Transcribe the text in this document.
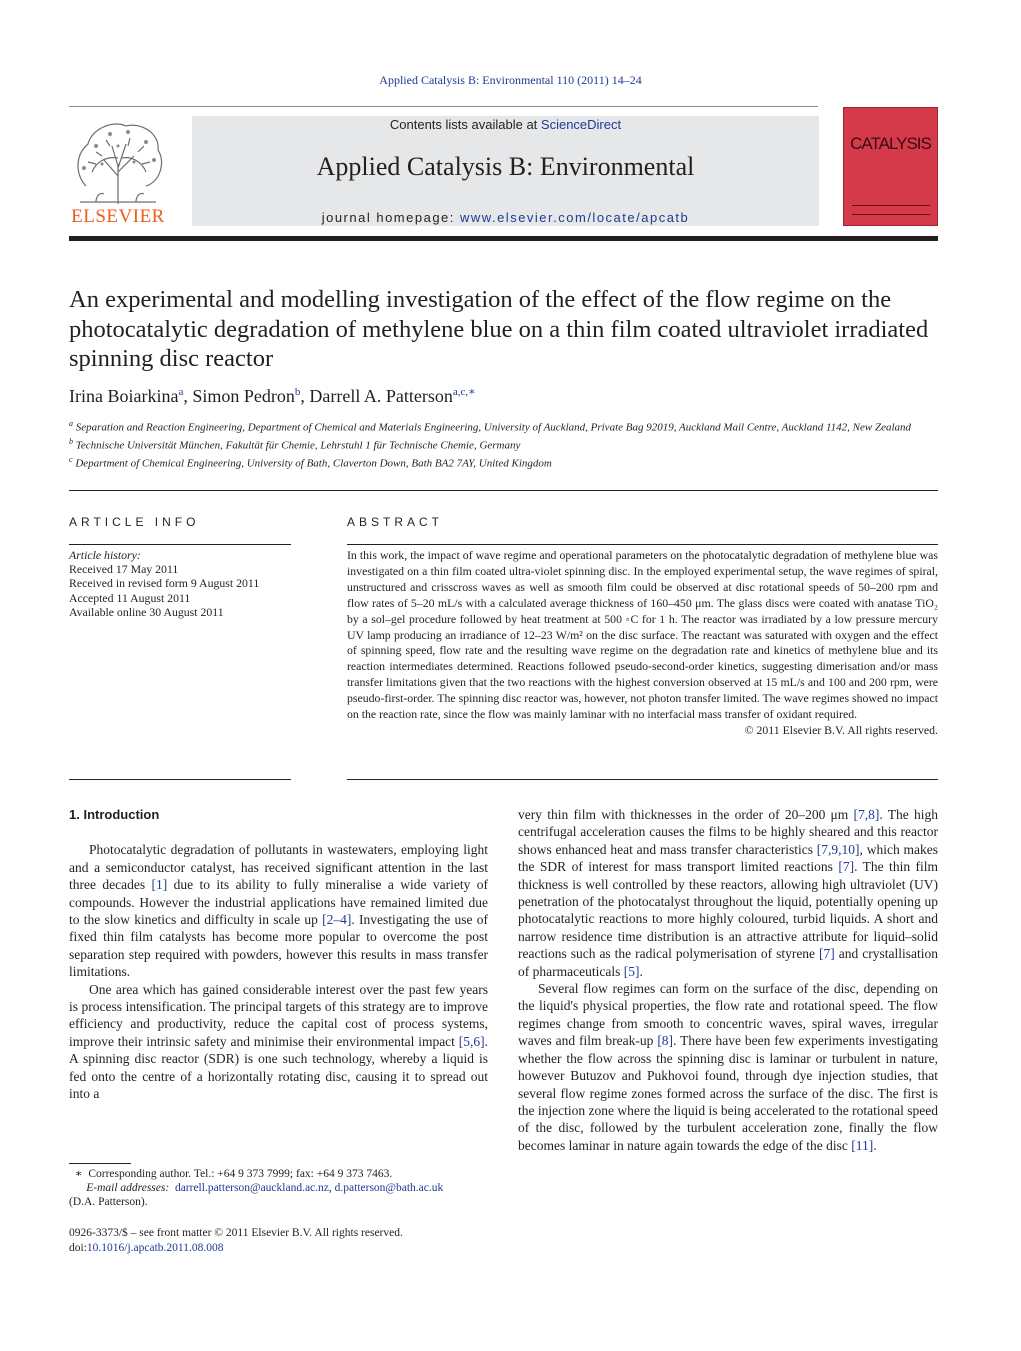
Applied Catalysis B: Environmental 110 (2011) 14–24
ELSEVIER
Contents lists available at ScienceDirect
Applied Catalysis B: Environmental
journal homepage: www.elsevier.com/locate/apcatb
CATALYSIS
An experimental and modelling investigation of the effect of the flow regime on the photocatalytic degradation of methylene blue on a thin film coated ultraviolet irradiated spinning disc reactor
Irina Boiarkina$^a$, Simon Pedron$^b$, Darrell A. Patterson$^{a,c,∗}$
$^a$ Separation and Reaction Engineering, Department of Chemical and Materials Engineering, University of Auckland, Private Bag 92019, Auckland Mail Centre, Auckland 1142, New Zealand
$^b$ Technische Universität München, Fakultät für Chemie, Lehrstuhl 1 für Technische Chemie, Germany
$^c$ Department of Chemical Engineering, University of Bath, Claverton Down, Bath BA2 7AY, United Kingdom
ARTICLE INFO	ABSTRACT
Article history:
Received 17 May 2011
Received in revised form 9 August 2011
Accepted 11 August 2011
Available online 30 August 2011
In this work, the impact of wave regime and operational parameters on the photocatalytic degradation of methylene blue was investigated on a thin film coated ultra-violet spinning disc. In the employed experimental setup, the wave regimes of spiral, unstructured and crisscross waves as well as smooth film could be observed at disc rotational speeds of 50–200 rpm and flow rates of 5–20 mL/s with a calculated average thickness of 160–450 μm. The glass discs were coated with anatase TiO₂ by a sol–gel procedure followed by heat treatment at 500 ◦C for 1 h. The reactor was irradiated by a low pressure mercury UV lamp producing an irradiance of 12–23 W/m² on the disc surface. The reactant was saturated with oxygen and the effect of spinning speed, flow rate and the resulting wave regime on the degradation rate and kinetics of methylene blue and its reaction intermediates determined. Reactions followed pseudo-second-order kinetics, suggesting dimerisation and/or mass transfer limitations given that the two reactions with the highest conversion observed at 15 mL/s and 100 and 200 rpm, were pseudo-first-order. The spinning disc reactor was, however, not photon transfer limited. The wave regimes showed no impact on the reaction rate, since the flow was mainly laminar with no interfacial mass transfer of oxidant required.
© 2011 Elsevier B.V. All rights reserved.
1. Introduction

Photocatalytic degradation of pollutants in wastewaters, employing light and a semiconductor catalyst, has received significant attention in the last three decades [1] due to its ability to fully mineralise a wide variety of compounds. However the industrial applications have remained limited due to the slow kinetics and difficulty in scale up [2–4]. Investigating the use of fixed thin film catalysts has become more popular to overcome the post separation step required with powders, however this results in mass transfer limitations.

One area which has gained considerable interest over the past few years is process intensification. The principal targets of this strategy are to improve efficiency and productivity, reduce the capital cost of process systems, improve their intrinsic safety and minimise their environmental impact [5,6]. A spinning disc reactor (SDR) is one such technology, whereby a liquid is fed onto the centre of a horizontally rotating disc, causing it to spread out into a

very thin film with thicknesses in the order of 20–200 μm [7,8]. The high centrifugal acceleration causes the films to be highly sheared and this reactor shows enhanced heat and mass transfer characteristics [7,9,10], which makes the SDR of interest for mass transport limited reactions [7]. The thin film thickness is well controlled by these reactors, allowing high ultraviolet (UV) penetration of the photocatalyst throughout the liquid, potentially opening up photocatalytic reactions to more highly coloured, turbid liquids. A short and narrow residence time distribution is an attractive attribute for liquid–solid reactions such as the radical polymerisation of styrene [7] and crystallisation of pharmaceuticals [5].

Several flow regimes can form on the surface of the disc, depending on the liquid's physical properties, the flow rate and rotational speed. The flow regimes change from smooth to concentric waves, spiral waves, irregular waves and film break-up [8]. There have been few experiments investigating whether the flow across the spinning disc is laminar or turbulent in nature, however Butuzov and Pukhovoi found, through dye injection studies, that several flow regime zones formed across the surface of the disc. The first is the injection zone where the liquid is being accelerated to the rotational speed of the disc, followed by the turbulent acceleration zone, finally the flow becomes laminar in nature again towards the edge of the disc [11].

∗ Corresponding author. Tel.: +64 9 373 7999; fax: +64 9 373 7463.
E-mail addresses: darrell.patterson@auckland.ac.nz, d.patterson@bath.ac.uk
(D.A. Patterson).
0926-3373/$ – see front matter © 2011 Elsevier B.V. All rights reserved.
doi:10.1016/j.apcatb.2011.08.008
